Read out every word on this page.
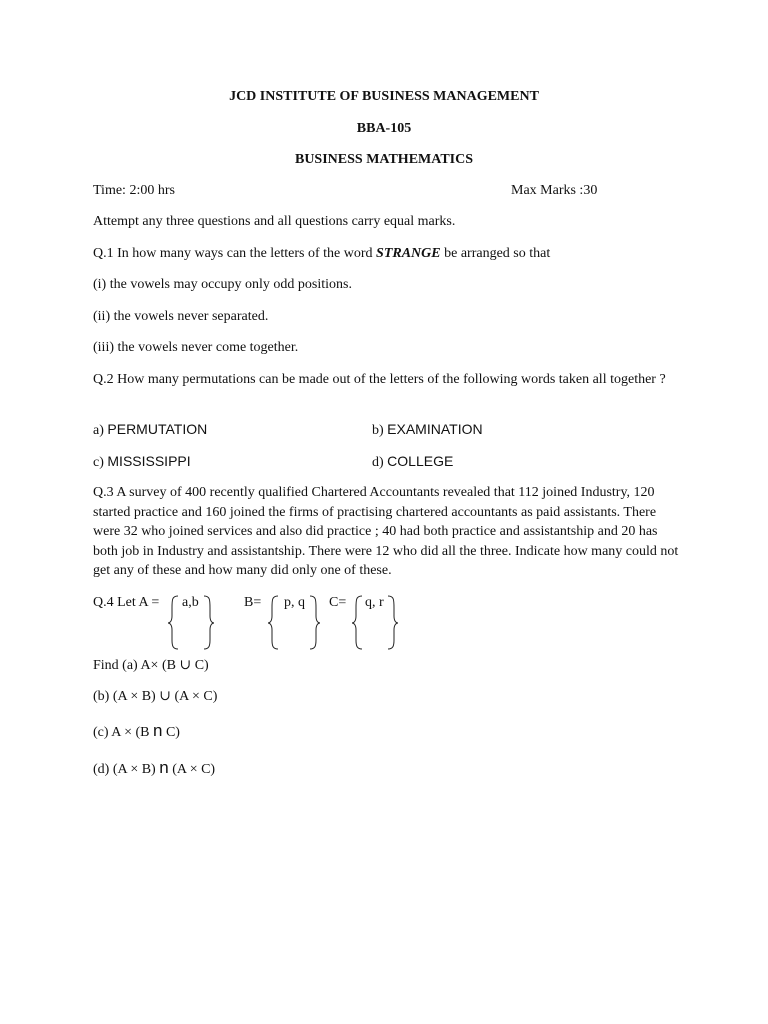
JCD INSTITUTE OF BUSINESS MANAGEMENT
BBA-105
BUSINESS MATHEMATICS
Time: 2:00 hrs	Max Marks :30
Attempt any three questions and all questions carry equal marks.
Q.1 In how many ways can the letters of the word STRANGE be arranged so that
(i) the vowels may occupy only odd positions.
(ii) the vowels never separated.
(iii) the vowels never come together.
Q.2 How many permutations can be made out of the letters of the following words taken all together ?
a) PERMUTATION	b) EXAMINATION
c) MISSISSIPPI	d) COLLEGE
Q.3 A survey of 400 recently qualified Chartered Accountants revealed that 112 joined Industry, 120 started practice and 160 joined the firms of practising chartered accountants as paid assistants. There were 32 who joined services and also did practice ; 40 had both practice and assistantship and 20 has both job in Industry and assistantship. There were 12 who did all the three. Indicate how many could not get any of these and how many did only one of these.
Q.4 Let A = a,b	B= p, q C= q, r
Find (a) A× (B ∪ C)
(b) (A × B) ∪ (A × C)
(c) A × (B n C)
(d) (A × B) n (A × C)
